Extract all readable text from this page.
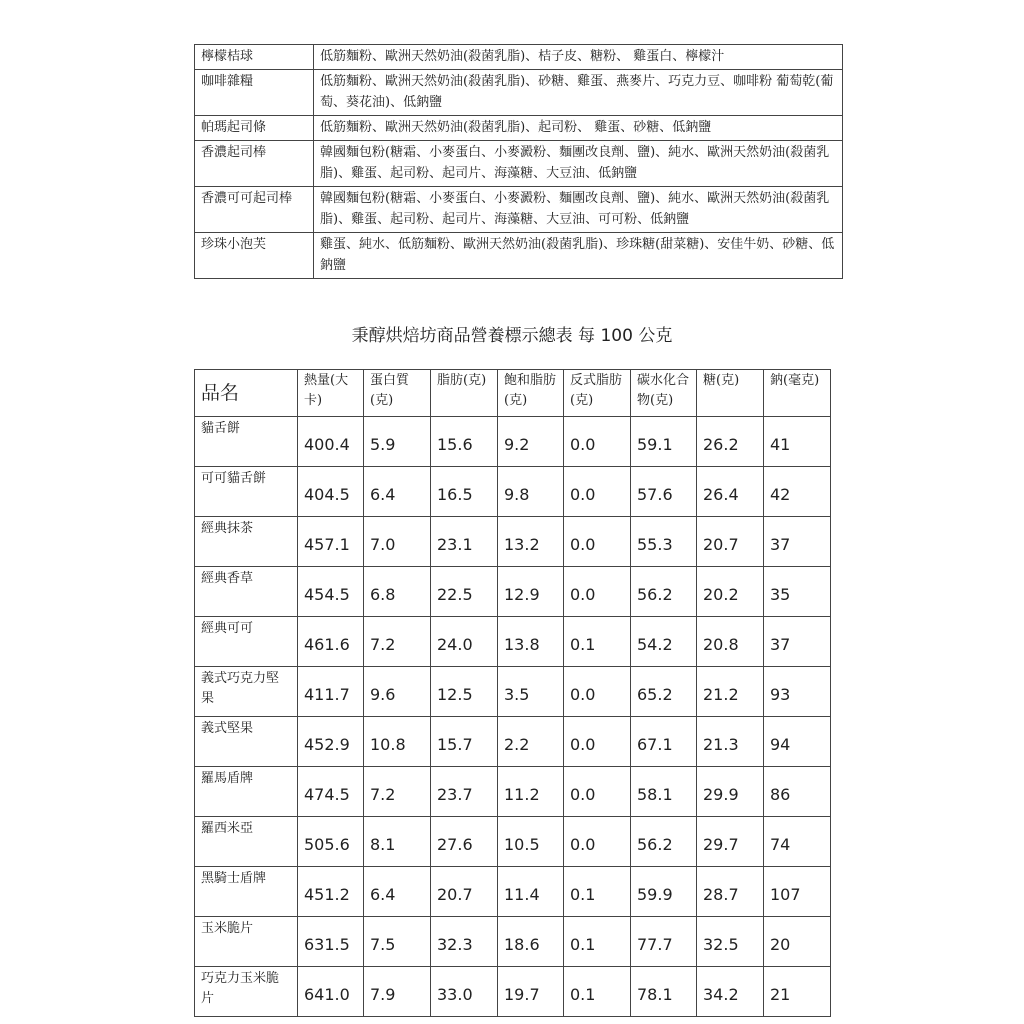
檸檬桔球	低筋麵粉、歐洲天然奶油(殺菌乳脂)、桔子皮、糖粉、 雞蛋白、檸檬汁
咖啡雜糧	低筋麵粉、歐洲天然奶油(殺菌乳脂)、砂糖、雞蛋、燕麥片、巧克力豆、咖啡粉 葡萄乾(葡萄、葵花油)、低鈉鹽
帕瑪起司條	低筋麵粉、歐洲天然奶油(殺菌乳脂)、起司粉、 雞蛋、砂糖、低鈉鹽
香濃起司棒	韓國麵包粉(糖霜、小麥蛋白、小麥澱粉、麵團改良劑、鹽)、純水、歐洲天然奶油(殺菌乳脂)、雞蛋、起司粉、起司片、海藻糖、大豆油、低鈉鹽
香濃可可起司棒	韓國麵包粉(糖霜、小麥蛋白、小麥澱粉、麵團改良劑、鹽)、純水、歐洲天然奶油(殺菌乳脂)、雞蛋、起司粉、起司片、海藻糖、大豆油、可可粉、低鈉鹽
珍珠小泡芙	雞蛋、純水、低筋麵粉、歐洲天然奶油(殺菌乳脂)、珍珠糖(甜菜糖)、安佳牛奶、砂糖、低鈉鹽
秉醇烘焙坊商品營養標示總表 每 100 公克
品名	熱量(大卡)	蛋白質(克)	脂肪(克)	飽和脂肪(克)	反式脂肪(克)	碳水化合物(克)	糖(克)	鈉(毫克)
貓舌餅	400.4	5.9	15.6	9.2	0.0	59.1	26.2	41
可可貓舌餅	404.5	6.4	16.5	9.8	0.0	57.6	26.4	42
經典抹茶	457.1	7.0	23.1	13.2	0.0	55.3	20.7	37
經典香草	454.5	6.8	22.5	12.9	0.0	56.2	20.2	35
經典可可	461.6	7.2	24.0	13.8	0.1	54.2	20.8	37
義式巧克力堅果	411.7	9.6	12.5	3.5	0.0	65.2	21.2	93
義式堅果	452.9	10.8	15.7	2.2	0.0	67.1	21.3	94
羅馬盾牌	474.5	7.2	23.7	11.2	0.0	58.1	29.9	86
羅西米亞	505.6	8.1	27.6	10.5	0.0	56.2	29.7	74
黑騎士盾牌	451.2	6.4	20.7	11.4	0.1	59.9	28.7	107
玉米脆片	631.5	7.5	32.3	18.6	0.1	77.7	32.5	20
巧克力玉米脆片	641.0	7.9	33.0	19.7	0.1	78.1	34.2	21
